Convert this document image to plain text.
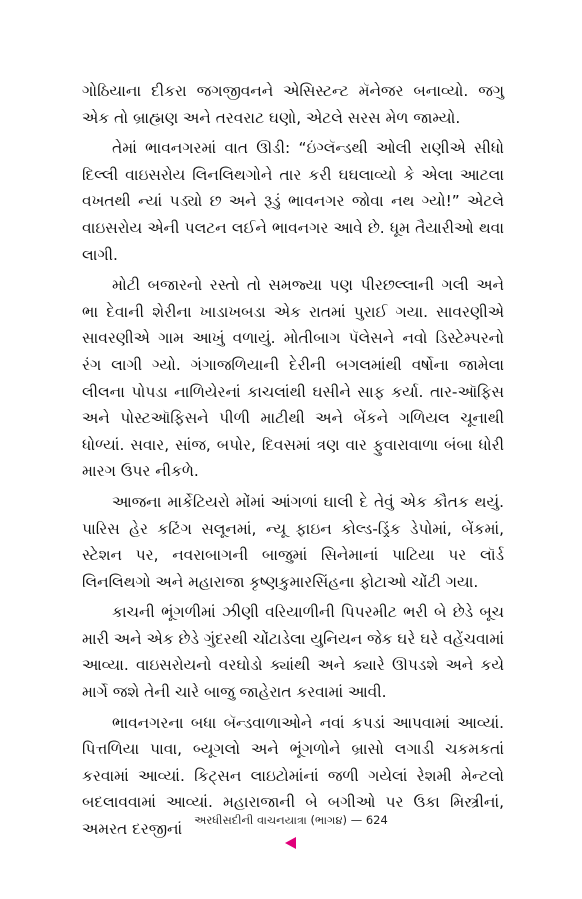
ગોઠિયાના દીકરા જગજીવનને એસિસ્ટન્ટ મૅનેજર બનાવ્યો. જગુ એક તો બ્રાહ્મણ અને તરવરાટ ઘણો, એટલે સરસ મેળ જામ્યો.

તેમાં ભાવનગરમાં વાત ઊડી: “ઇંગ્લૅન્ડથી ઓલી રાણીએ સીધો દિલ્લી વાઇસરોય લિનલિથગોને તાર કરી ઘઘલાવ્યો કે એલા આટલા વખતથી ન્યાં પડ્યો છ અને રૂડું ભાવનગર જોવા નથ ગ્યો!” એટલે વાઇસરોય એની પલટન લઈને ભાવનગર આવે છે. ધૂમ તૈયારીઓ થવા લાગી.

મોટી બજારનો રસ્તો તો સમજ્યા પણ પીરછલ્લાની ગલી અને ભા દેવાની શેરીના ખાડાખબડા એક રાતમાં પુરાઈ ગયા. સાવરણીએ સાવરણીએ ગામ આખું વળાયું. મોતીબાગ પૅલેસને નવો ડિસ્ટેમ્પરનો રંગ લાગી ગ્યો. ગંગાજળિયાની દેરીની બગલમાંથી વર્ષોના જામેલા લીલના પોપડા નાળિયેરનાં કાચલાંથી ઘસીને સાફ કર્યા. તાર-ઑફિસ અને પોસ્ટઑફિસને પીળી માટીથી અને બેંકને ગળિયલ ચૂનાથી ધોળ્યાં. સવાર, સાંજ, બપોર, દિવસમાં ત્રણ વાર ફુવારાવાળા બંબા ધોરી મારગ ઉપર નીકળે.

આજના માર્કેટિયરો મોંમાં આંગળાં ઘાલી દે તેવું એક કૌતક થયું. પારિસ હેર કટિંગ સલૂનમાં, ન્યૂ ફાઇન કોલ્ડ-ડ્રિંક ડેપોમાં, બેંકમાં, સ્ટેશન પર, નવરાબાગની બાજુમાં સિનેમાનાં પાટિયા પર લૉર્ડ લિનલિથગો અને મહારાજા કૃષ્ણકુમારસિંહના ફોટાઓ ચોંટી ગયા.

કાચની ભૂંગળીમાં ઝીણી વરિયાળીની પિપરમીટ ભરી બે છેડે બૂચ મારી અને એક છેડે ગુંદરથી ચોંટાડેલા યુનિયન જેક ઘરે ઘરે વહેંચવામાં આવ્યા. વાઇસરોયનો વરઘોડો ક્યાંથી અને ક્યારે ઊપડશે અને કયે માર્ગે જશે તેની ચારે બાજુ જાહેરાત કરવામાં આવી.

ભાવનગરના બધા બૅન્ડવાળાઓને નવાં કપડાં આપવામાં આવ્યાં. પિત્તળિયા પાવા, બ્યૂગલો અને ભૂંગળોને બ્રાસો લગાડી ચકમકતાં કરવામાં આવ્યાં. કિટ્સન લાઇટોમાંનાં જળી ગયેલાં રેશમી મેન્ટલો બદલાવવામાં આવ્યાં. મહારાજાની બે બગીઓ પર ઉકા મિસ્ત્રીનાં, અમરત દરજીનાં

અરધીસદીની વાચનયાત્રા (ભાગ૪) — 624
